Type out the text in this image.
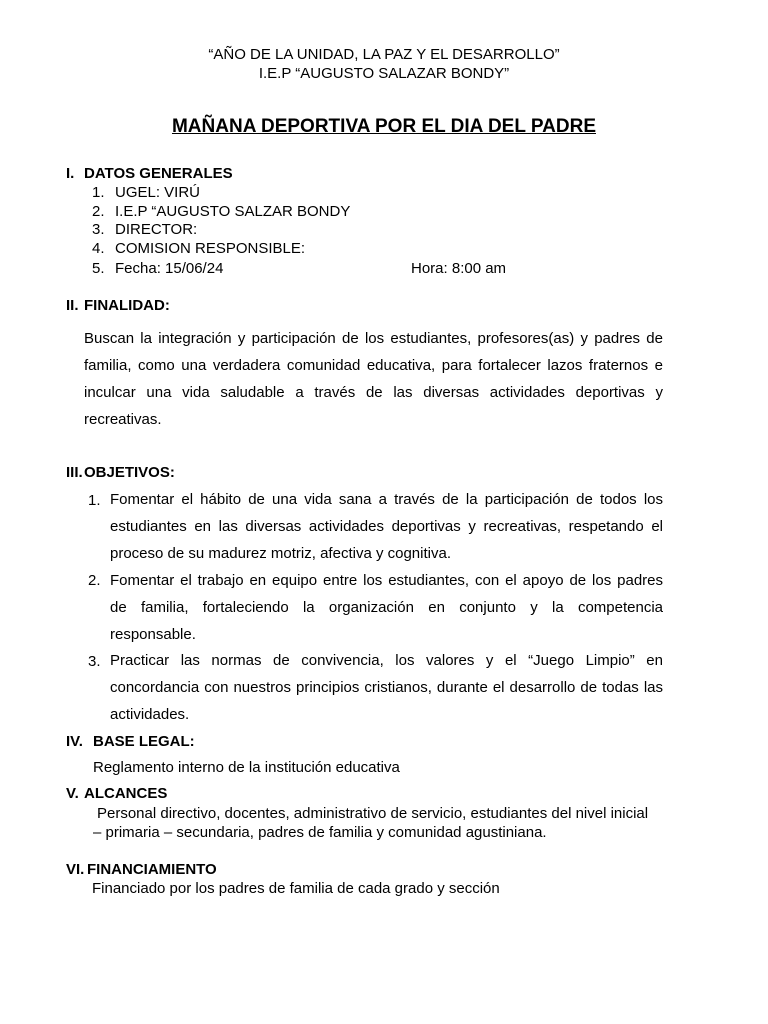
“AÑO DE LA UNIDAD, LA PAZ Y EL DESARROLLO”
I.E.P “AUGUSTO SALAZAR BONDY”
MAÑANA DEPORTIVA POR EL DIA DEL PADRE
I. DATOS GENERALES
1. UGEL: VIRÚ
2. I.E.P “AUGUSTO SALZAR BONDY
3. DIRECTOR:
4. COMISION RESPONSIBLE:
5. Fecha: 15/06/24	Hora: 8:00 am
II. FINALIDAD:
Buscan la integración y participación de los estudiantes, profesores(as) y padres de
familia, como una verdadera comunidad educativa, para fortalecer lazos fraternos e
inculcar una vida saludable a través de las diversas actividades deportivas y
recreativas.
III. OBJETIVOS:
1. Fomentar el hábito de una vida sana a través de la participación de todos los
estudiantes en las diversas actividades deportivas y recreativas, respetando el
proceso de su madurez motriz, afectiva y cognitiva.
2. Fomentar el trabajo en equipo entre los estudiantes, con el apoyo de los padres
de familia, fortaleciendo la organización en conjunto y la competencia
responsable.
3. Practicar las normas de convivencia, los valores y el “Juego Limpio” en
concordancia con nuestros principios cristianos, durante el desarrollo de todas las
actividades.
IV. BASE LEGAL:
Reglamento interno de la institución educativa
V. ALCANCES
Personal directivo, docentes, administrativo de servicio, estudiantes del nivel inicial
– primaria – secundaria, padres de familia y comunidad agustiniana.
VI. FINANCIAMIENTO
Financiado por los padres de familia de cada grado y sección
